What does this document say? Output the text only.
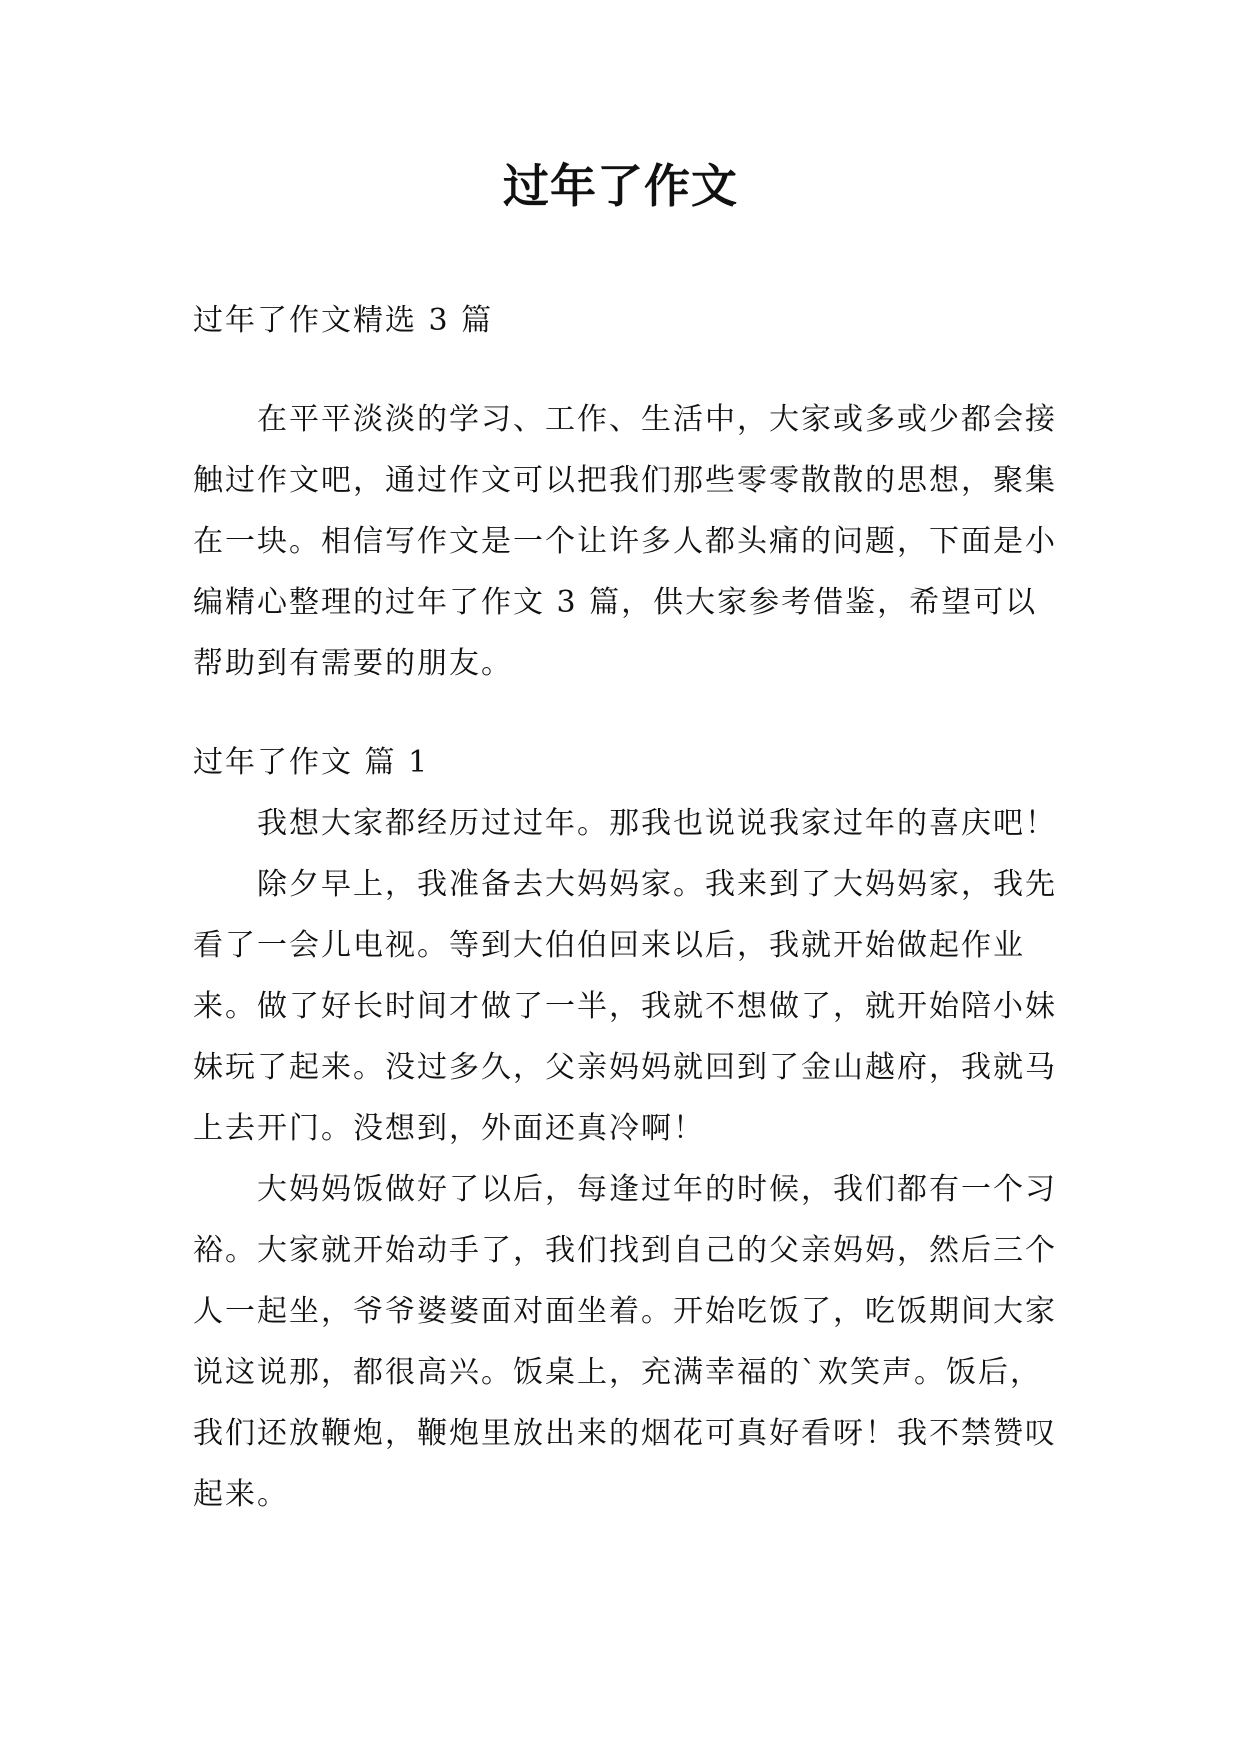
过年了作文

过年了作文精选 3 篇

在平平淡淡的学习、工作、生活中，大家或多或少都会接触过作文吧，通过作文可以把我们那些零零散散的思想，聚集在一块。相信写作文是一个让许多人都头痛的问题，下面是小编精心整理的过年了作文 3 篇，供大家参考借鉴，希望可以帮助到有需要的朋友。

过年了作文 篇 1

我想大家都经历过过年。那我也说说我家过年的喜庆吧！

除夕早上，我准备去大妈妈家。我来到了大妈妈家，我先看了一会儿电视。等到大伯伯回来以后，我就开始做起作业来。做了好长时间才做了一半，我就不想做了，就开始陪小妹妹玩了起来。没过多久，父亲妈妈就回到了金山越府，我就马上去开门。没想到，外面还真冷啊！

大妈妈饭做好了以后，每逢过年的时候，我们都有一个习裕。大家就开始动手了，我们找到自己的父亲妈妈，然后三个人一起坐，爷爷婆婆面对面坐着。开始吃饭了，吃饭期间大家说这说那，都很高兴。饭桌上，充满幸福的`欢笑声。饭后，我们还放鞭炮，鞭炮里放出来的烟花可真好看呀！我不禁赞叹起来。
